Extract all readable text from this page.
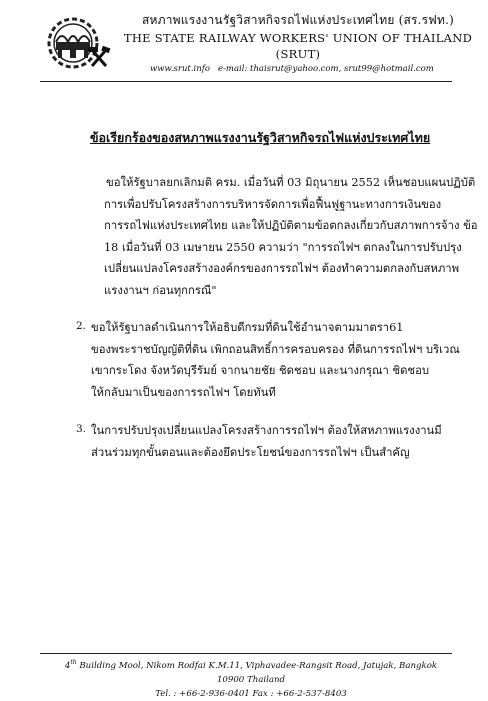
สหภาพแรงงานรัฐวิสาหกิจรถไฟแห่งประเทศไทย (สร.รฟท.)
THE STATE RAILWAY WORKERS' UNION OF THAILAND (SRUT)
www.srut.info e-mail: thaisrut@yahoo.com, srut99@hotmail.com
ข้อเรียกร้องของสหภาพแรงงานรัฐวิสาหกิจรถไฟแห่งประเทศไทย
ขอให้รัฐบาลยกเลิกมติ ครม. เมื่อวันที่ 03 มิถุนายน 2552 เห็นชอบแผนปฏิบัติ
การเพื่อปรับโครงสร้างการบริหารจัดการเพื่อฟื้นฟูฐานะทางการเงินของ
การรถไฟแห่งประเทศไทย และให้ปฏิบัติตามข้อตกลงเกี่ยวกับสภาพการจ้าง ข้อ
18 เมื่อวันที่ 03 เมษายน 2550 ความว่า "การรถไฟฯ ตกลงในการปรับปรุง
เปลี่ยนแปลงโครงสร้างองค์กรของการรถไฟฯ ต้องทำความตกลงกับสหภาพ
แรงงานฯ ก่อนทุกกรณี"
2. ขอให้รัฐบาลดำเนินการให้อธิบดีกรมที่ดินใช้อำนาจตามมาตรา61
ของพระราชบัญญัติที่ดิน เพิกถอนสิทธิ์การครอบครอง ที่ดินการรถไฟฯ บริเวณ
เขากระโดง จังหวัดบุรีรัมย์ จากนายชัย ชิดชอบ และนางกรุณา ชิดชอบ
ให้กลับมาเป็นของการรถไฟฯ โดยทันที
3. ในการปรับปรุงเปลี่ยนแปลงโครงสร้างการรถไฟฯ ต้องให้สหภาพแรงงานมี
ส่วนร่วมทุกขั้นตอนและต้องยึดประโยชน์ของการรถไฟฯ เป็นสำคัญ
4th Building Mool, Nikom Rodfai K.M.11, Viphavadee-Rangsit Road, Jatujak, Bangkok 10900 Thailand
Tel. : +66-2-936-0401 Fax : +66-2-537-8403
